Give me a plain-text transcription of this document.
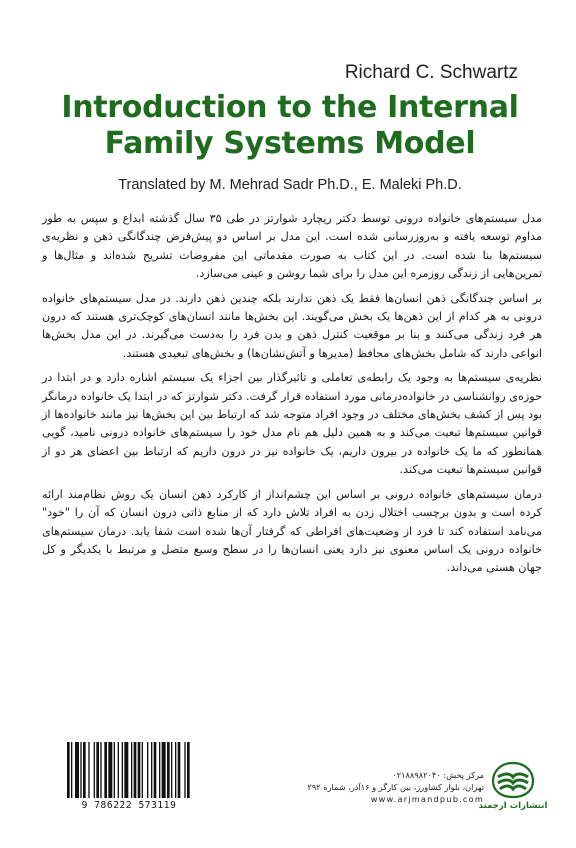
Richard C. Schwartz
Introduction to the Internal
Family Systems Model
Translated by M. Mehrad Sadr Ph.D., E. Maleki Ph.D.

مدل سیستم‌های خانواده درونی توسط دکتر ریچارد شوارتز در طی ۳۵ سال گذشته ابداع و سپس به طور مداوم توسعه یافته و به‌روزرسانی شده است. این مدل بر اساس دو پیش‌فرض چندگانگی ذهن و نظریه‌ی سیستم‌ها بنا شده است. در این کتاب به صورت مقدماتی این مفروضات تشریح شده‌اند و مثال‌ها و تمرین‌هایی از زندگی روزمره این مدل را برای شما روشن و عینی می‌سازد.

بر اساس چندگانگی ذهن انسان‌ها فقط یک ذهن ندارند بلکه چندین ذهن دارند. در مدل سیستم‌های خانواده درونی به هر کدام از این ذهن‌ها یک بخش می‌گویند. این بخش‌ها مانند انسان‌های کوچک‌تری هستند که درون هر فرد زندگی می‌کنند و بنا بر موقعیت کنترل ذهن و بدن فرد را به‌دست می‌گیرند. در این مدل بخش‌ها انواعی دارند که شامل بخش‌های محافظ (مدیرها و آتش‌نشان‌ها) و بخش‌های تبعیدی هستند.

نظریه‌ی سیستم‌ها به وجود یک رابطه‌ی تعاملی و تاثیرگذار بین اجزاء یک سیستم اشاره دارد و در ابتدا در حوزه‌ی روانشناسی در خانواده‌درمانی مورد استفاده قرار گرفت. دکتر شوارتز که در ابتدا یک خانواده درمانگر بود پس از کشف بخش‌های مختلف در وجود افراد متوجه شد که ارتباط بین این بخش‌ها نیز مانند خانواده‌ها از قوانین سیستم‌ها تبعیت می‌کند و به همین دلیل هم نام مدل خود را سیستم‌های خانواده درونی نامید، گویی همانطور که ما یک خانواده در بیرون داریم، یک خانواده نیز در درون داریم که ارتباط بین اعضای هر دو از قوانین سیستم‌ها تبعیت می‌کند.

درمان سیستم‌های خانواده درونی بر اساس این چشم‌انداز از کارکرد ذهن انسان یک روش نظام‌مند ارائه کرده است و بدون برچسب اختلال زدن به افراد تلاش دارد که از منابع ذاتی درون انسان که آن را "خود" می‌نامد استفاده کند تا فرد از وضعیت‌های افراطی که گرفتار آن‌ها شده است شفا یابد. درمان سیستم‌های خانواده درونی یک اساس معنوی نیز دارد یعنی انسان‌ها را در سطح وسیع متصل و مرتبط با یکدیگر و کل جهان هستی می‌داند.

9 786222 573119
مرکز پخش: ۰۲۱۸۸۹۸۲۰۴۰
تهران، بلوار کشاورز، بین کارگر و ۱۶آذر، شماره ۲۹۲
www.arjmandpub.com
انتشارات ارجمند
